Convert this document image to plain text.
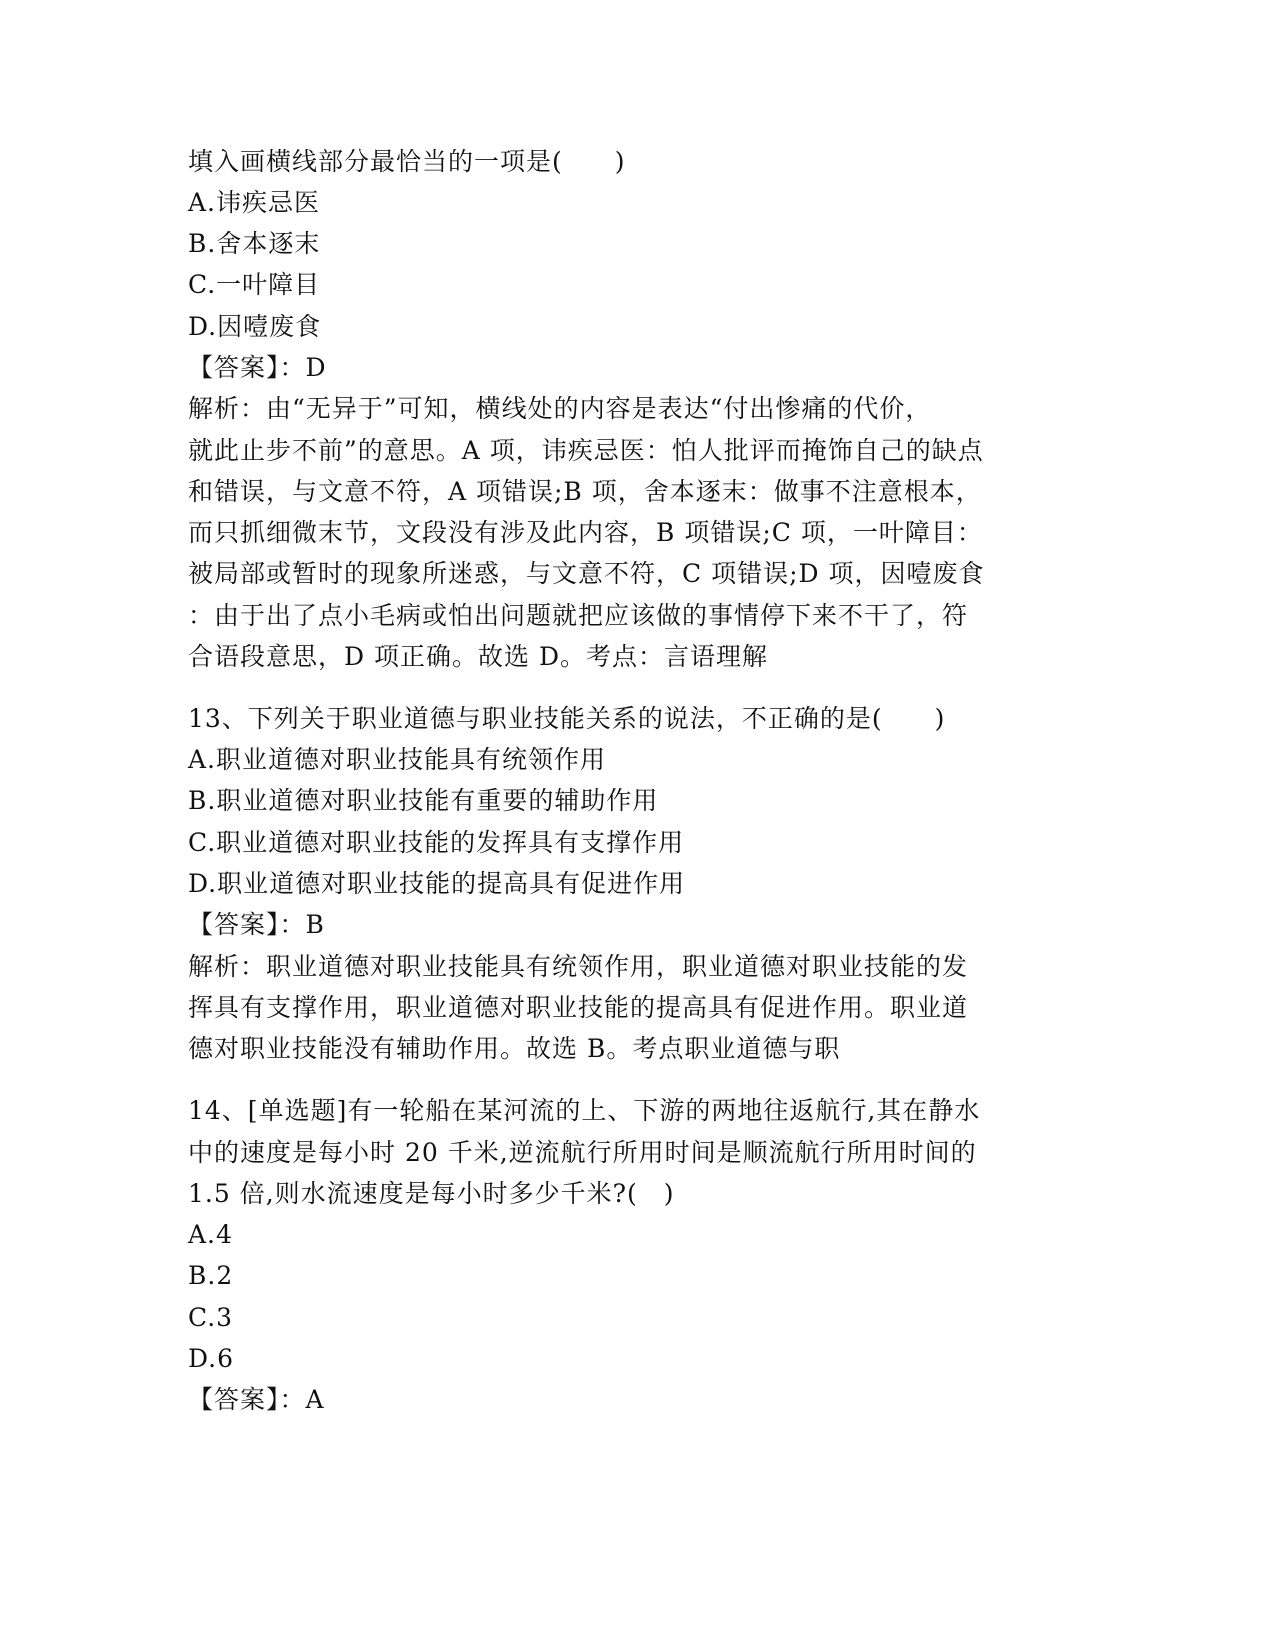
填入画横线部分最恰当的一项是(　　)
A.讳疾忌医
B.舍本逐末
C.一叶障目
D.因噎废食
【答案】：D
解析：由“无异于”可知，横线处的内容是表达“付出惨痛的代价，
就此止步不前”的意思。A 项，讳疾忌医：怕人批评而掩饰自己的缺点
和错误，与文意不符，A 项错误;B 项，舍本逐末：做事不注意根本，
而只抓细微末节，文段没有涉及此内容，B 项错误;C 项，一叶障目：
被局部或暂时的现象所迷惑，与文意不符，C 项错误;D 项，因噎废食
：由于出了点小毛病或怕出问题就把应该做的事情停下来不干了，符
合语段意思，D 项正确。故选 D。考点：言语理解
13、下列关于职业道德与职业技能关系的说法，不正确的是(　　)
A.职业道德对职业技能具有统领作用
B.职业道德对职业技能有重要的辅助作用
C.职业道德对职业技能的发挥具有支撑作用
D.职业道德对职业技能的提高具有促进作用
【答案】：B
解析：职业道德对职业技能具有统领作用，职业道德对职业技能的发
挥具有支撑作用，职业道德对职业技能的提高具有促进作用。职业道
德对职业技能没有辅助作用。故选 B。考点职业道德与职
14、[单选题]有一轮船在某河流的上、下游的两地往返航行,其在静水
中的速度是每小时 20 千米,逆流航行所用时间是顺流航行所用时间的
1.5 倍,则水流速度是每小时多少千米?(　)
A.4
B.2
C.3
D.6
【答案】：A
